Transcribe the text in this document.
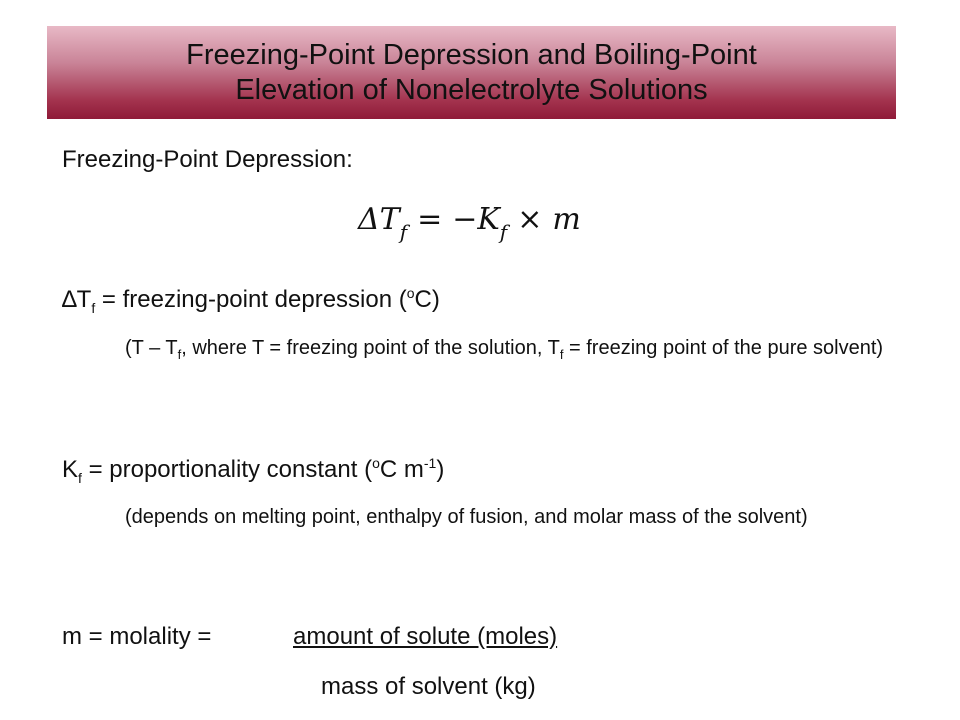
Freezing-Point Depression and Boiling-Point
Elevation of Nonelectrolyte Solutions
Freezing-Point Depression:
$\Delta T_f = -K_f \times m$
$\Delta T_f$ = freezing-point depression ($^o$C)
($T - T_f$, where T = freezing point of the solution, $T_f$ = freezing point of the pure solvent)
$K_f$ = proportionality constant ($^o$C $m^{-1}$)
(depends on melting point, enthalpy of fusion, and molar mass of the solvent)
m = molality =	amount of solute (moles)
mass of solvent (kg)
